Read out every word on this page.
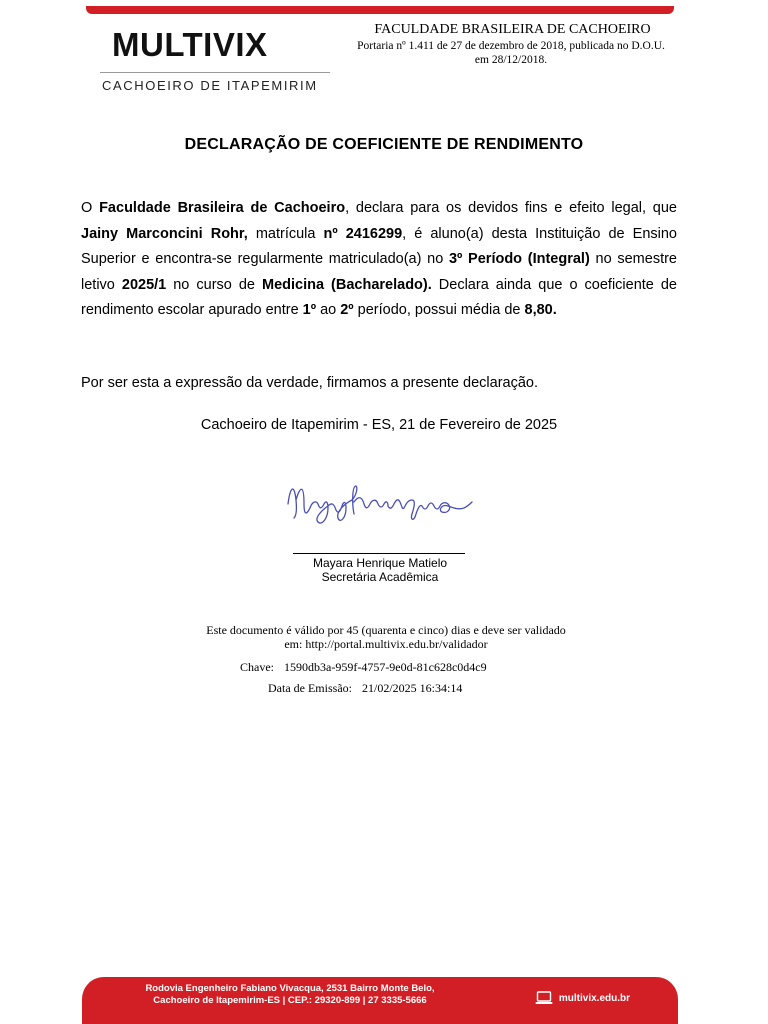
MULTIVIX
CACHOEIRO DE ITAPEMIRIM
FACULDADE BRASILEIRA DE CACHOEIRO
Portaria nº 1.411 de 27 de dezembro de 2018, publicada no D.O.U. em 28/12/2018.
DECLARAÇÃO DE COEFICIENTE DE RENDIMENTO
O Faculdade Brasileira de Cachoeiro, declara para os devidos fins e efeito legal, que Jainy Marconcini Rohr, matrícula nº 2416299, é aluno(a) desta Instituição de Ensino Superior e encontra-se regularmente matriculado(a) no 3º Período (Integral) no semestre letivo 2025/1 no curso de Medicina (Bacharelado). Declara ainda que o coeficiente de rendimento escolar apurado entre 1º ao 2º período, possui média de 8,80.
Por ser esta a expressão da verdade, firmamos a presente declaração.
Cachoeiro de Itapemirim - ES, 21 de Fevereiro de 2025
Mayara Henrique Matielo
Secretária Acadêmica
Este documento é válido por 45 (quarenta e cinco) dias e deve ser validado em: http://portal.multivix.edu.br/validador
Chave: 1590db3a-959f-4757-9e0d-81c628c0d4c9
Data de Emissão: 21/02/2025 16:34:14
Rodovia Engenheiro Fabiano Vivacqua, 2531 Bairro Monte Belo, Cachoeiro de Itapemirim-ES | CEP.: 29320-899 | 27 3335-5666	multivix.edu.br
